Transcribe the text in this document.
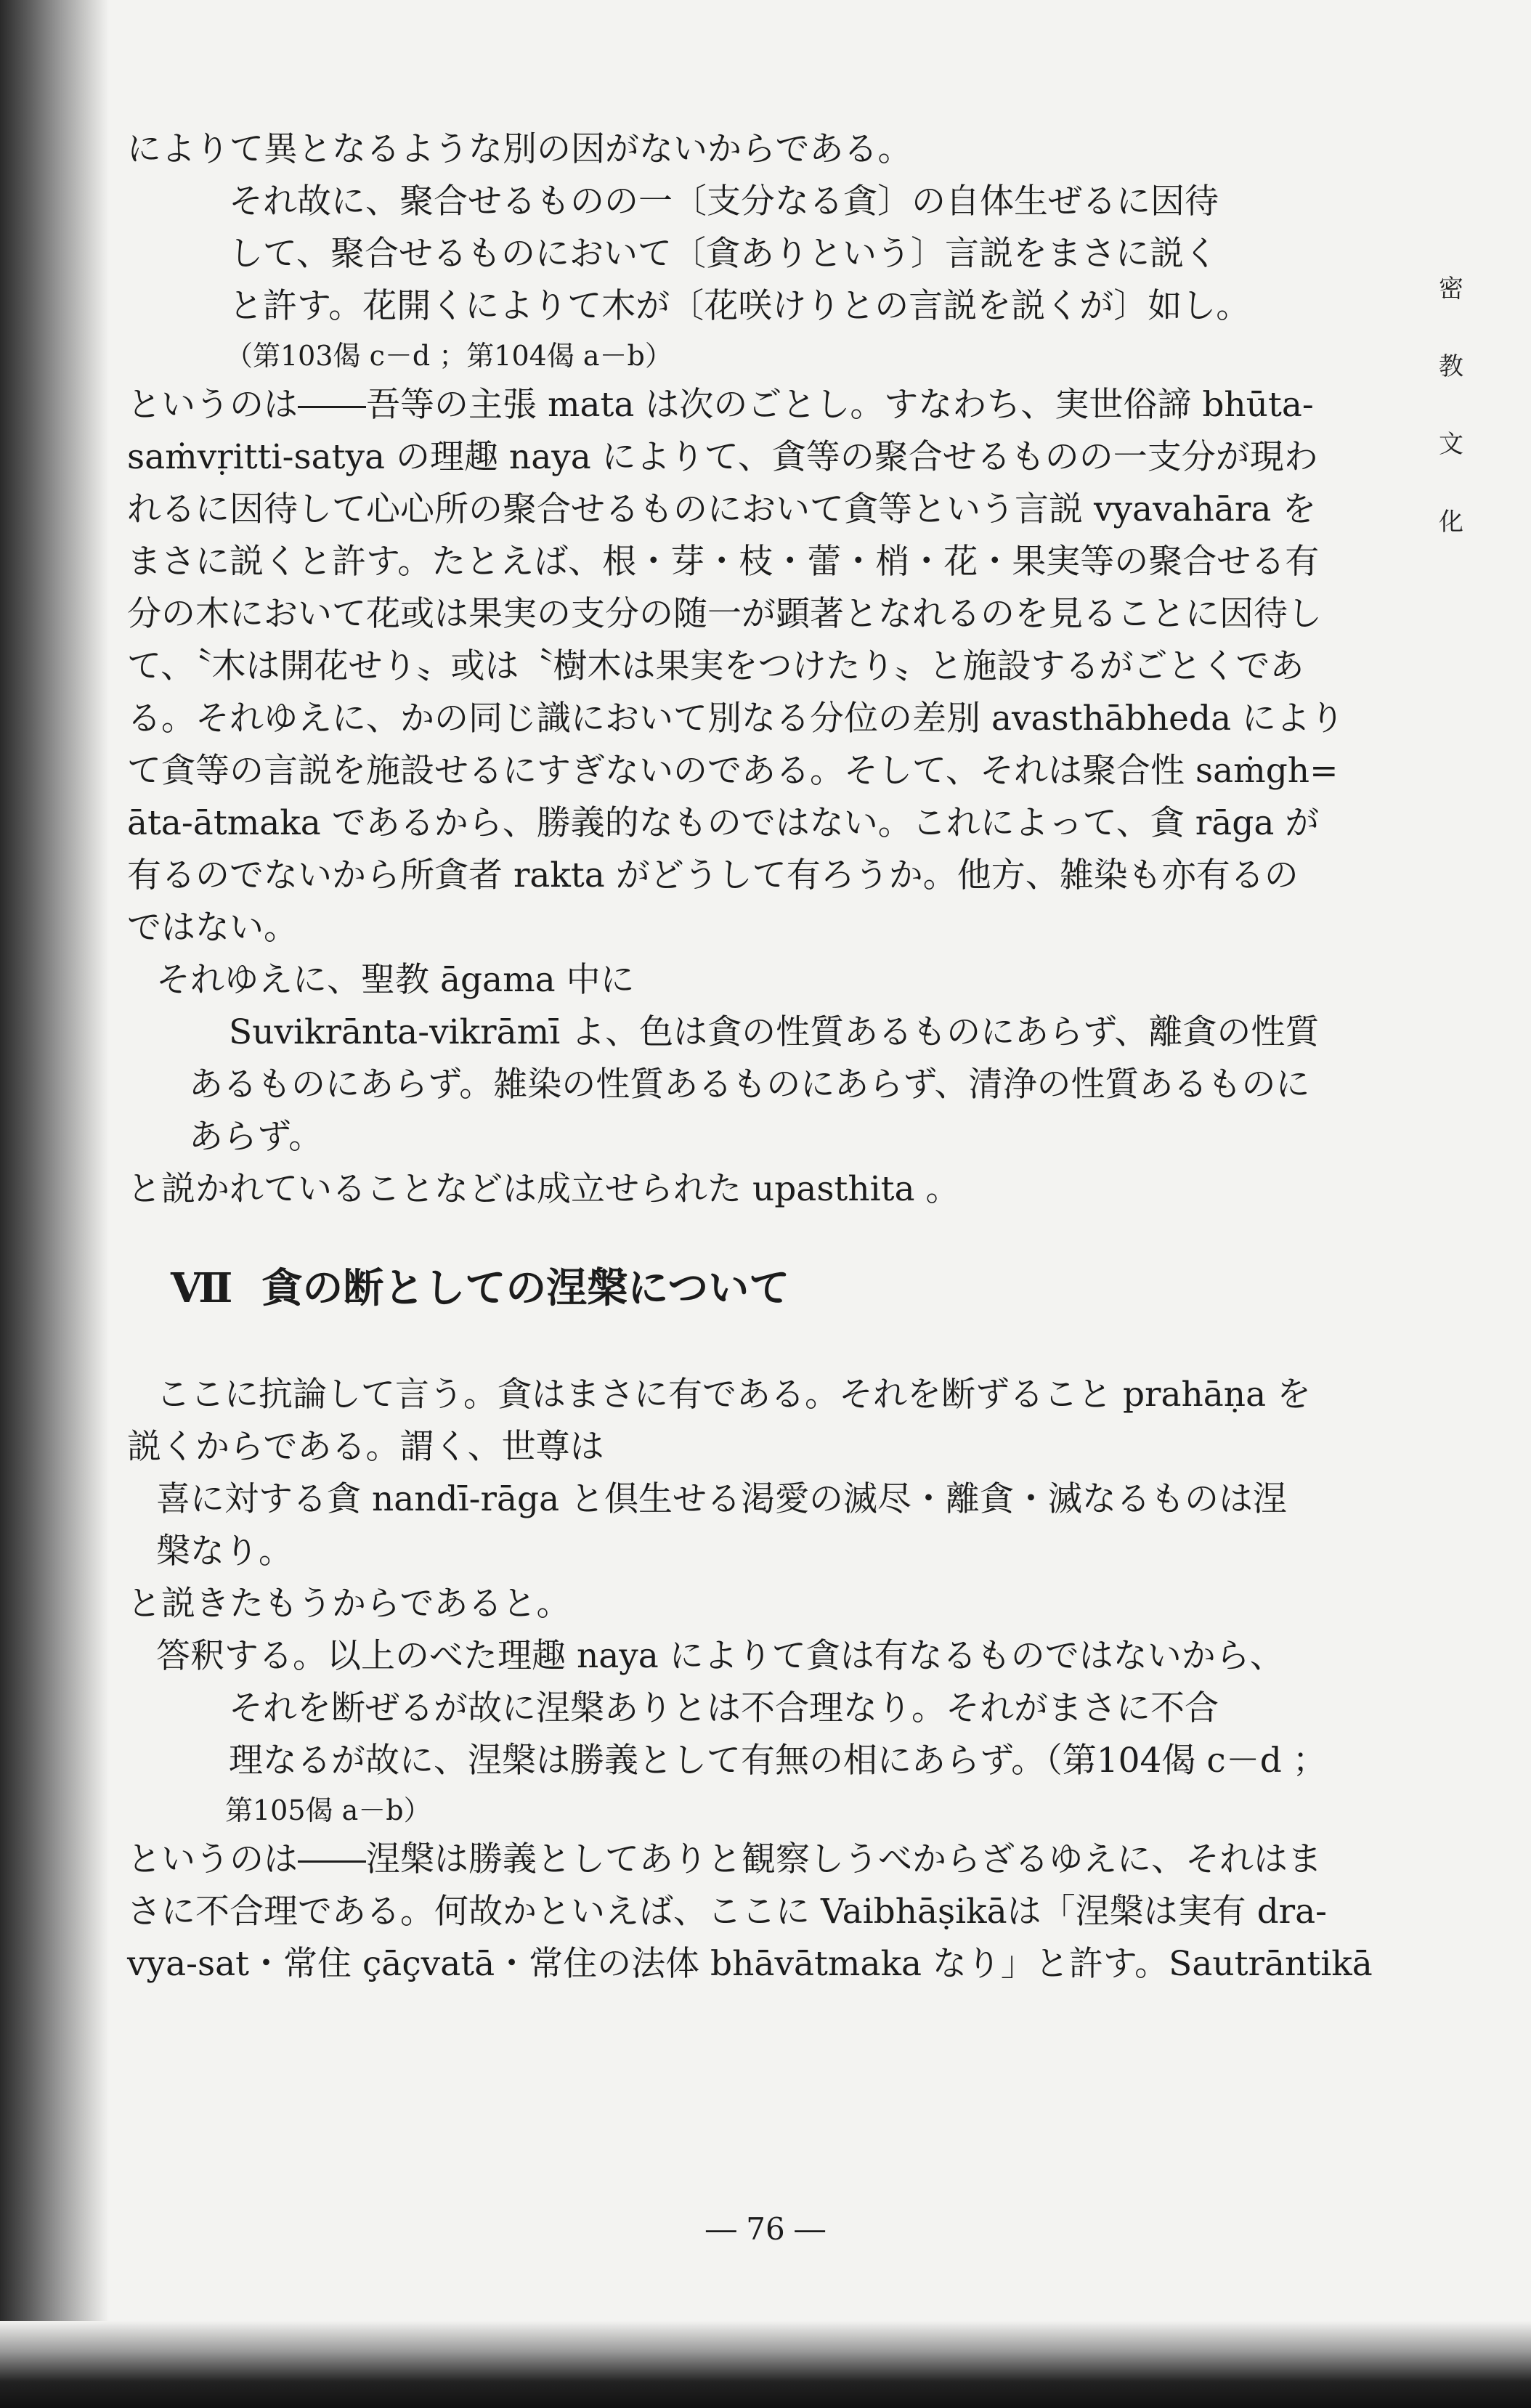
密
教
文
化
によりて異となるような別の因がないからである。
それ故に、聚合せるものの一〔支分なる貪〕の自体生ぜるに因待
して、聚合せるものにおいて〔貪ありという〕言説をまさに説く
と許す。花開くによりて木が〔花咲けりとの言説を説くが〕如し。
（第103偈 c－d ；第104偈 a－b）
というのは――吾等の主張 mata は次のごとし。すなわち、実世俗諦 bhūta-
saṁvṛitti-satya の理趣 naya によりて、貪等の聚合せるものの一支分が現わ
れるに因待して心心所の聚合せるものにおいて貪等という言説 vyavahāra を
まさに説くと許す。たとえば、根・芽・枝・蕾・梢・花・果実等の聚合せる有
分の木において花或は果実の支分の随一が顕著となれるのを見ることに因待し
て、〝木は開花せり〟或は〝樹木は果実をつけたり〟と施設するがごとくであ
る。それゆえに、かの同じ識において別なる分位の差別 avasthābheda により
て貪等の言説を施設せるにすぎないのである。そして、それは聚合性 saṁgh=
āta-ātmaka であるから、勝義的なものではない。これによって、貪 rāga が
有るのでないから所貪者 rakta がどうして有ろうか。他方、雑染も亦有るの
ではない。
それゆえに、聖教 āgama 中に
Suvikrānta-vikrāmī よ、色は貪の性質あるものにあらず、離貪の性質
あるものにあらず。雑染の性質あるものにあらず、清浄の性質あるものに
あらず。
と説かれていることなどは成立せられた upasthita 。
Ⅶ 貪の断としての涅槃について
ここに抗論して言う。貪はまさに有である。それを断ずること prahāṇa を
説くからである。謂く、世尊は
喜に対する貪 nandī-rāga と倶生せる渇愛の滅尽・離貪・滅なるものは涅
槃なり。
と説きたもうからであると。
答釈する。以上のべた理趣 naya によりて貪は有なるものではないから、
それを断ぜるが故に涅槃ありとは不合理なり。それがまさに不合
理なるが故に、涅槃は勝義として有無の相にあらず。（第104偈 c－d ；
第105偈 a－b）
というのは――涅槃は勝義としてありと観察しうべからざるゆえに、それはま
さに不合理である。何故かといえば、ここに Vaibhāṣikāは「涅槃は実有 dra-
vya-sat・常住 çāçvatā・常住の法体 bhāvātmaka なり」と許す。Sautrāntikā
― 76 ―
